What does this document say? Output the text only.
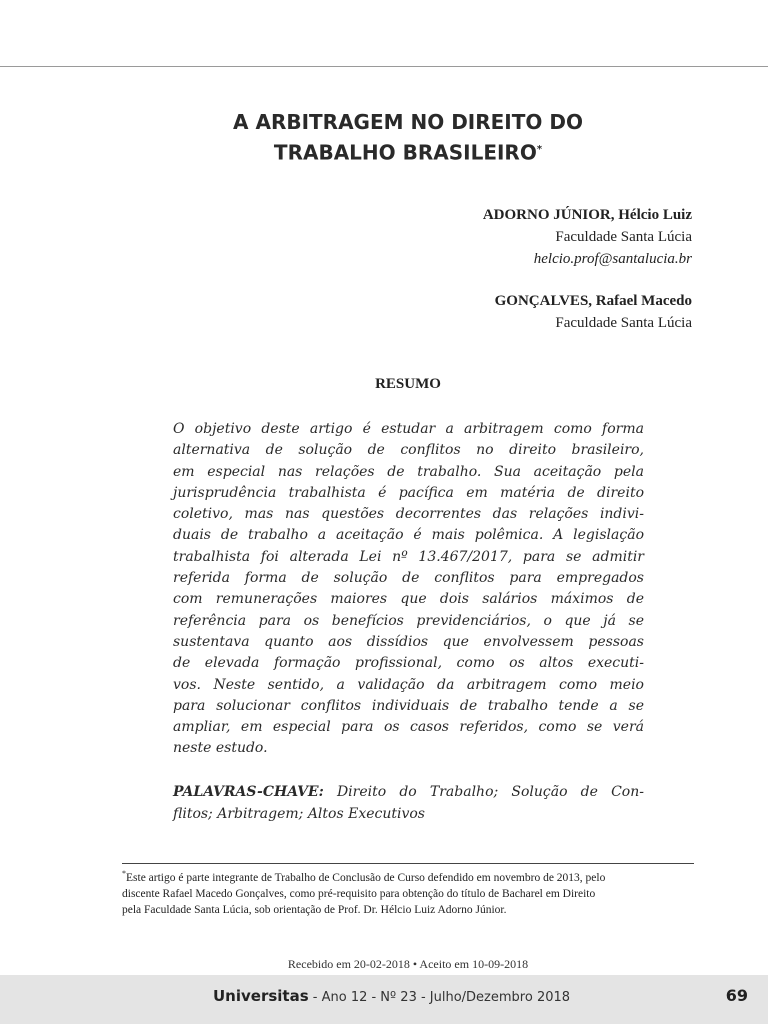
A ARBITRAGEM NO DIREITO DO
TRABALHO BRASILEIRO*
ADORNO JÚNIOR, Hélcio Luiz
Faculdade Santa Lúcia
helcio.prof@santalucia.br
GONÇALVES, Rafael Macedo
Faculdade Santa Lúcia
RESUMO
O objetivo deste artigo é estudar a arbitragem como forma
alternativa de solução de conflitos no direito brasileiro,
em especial nas relações de trabalho. Sua aceitação pela
jurisprudência trabalhista é pacífica em matéria de direito
coletivo, mas nas questões decorrentes das relações indivi-
duais de trabalho a aceitação é mais polêmica. A legislação
trabalhista foi alterada Lei nº 13.467/2017, para se admitir
referida forma de solução de conflitos para empregados
com remunerações maiores que dois salários máximos de
referência para os benefícios previdenciários, o que já se
sustentava quanto aos dissídios que envolvessem pessoas
de elevada formação profissional, como os altos executi-
vos. Neste sentido, a validação da arbitragem como meio
para solucionar conflitos individuais de trabalho tende a se
ampliar, em especial para os casos referidos, como se verá
neste estudo.
PALAVRAS-CHAVE: Direito do Trabalho; Solução de Con-
flitos; Arbitragem; Altos Executivos
*Este artigo é parte integrante de Trabalho de Conclusão de Curso defendido em novembro de 2013, pelo
discente Rafael Macedo Gonçalves, como pré-requisito para obtenção do título de Bacharel em Direito
pela Faculdade Santa Lúcia, sob orientação de Prof. Dr. Hélcio Luiz Adorno Júnior.
Recebido em 20-02-2018 • Aceito em 10-09-2018
Universitas - Ano 12 - Nº 23 - Julho/Dezembro 2018	69
